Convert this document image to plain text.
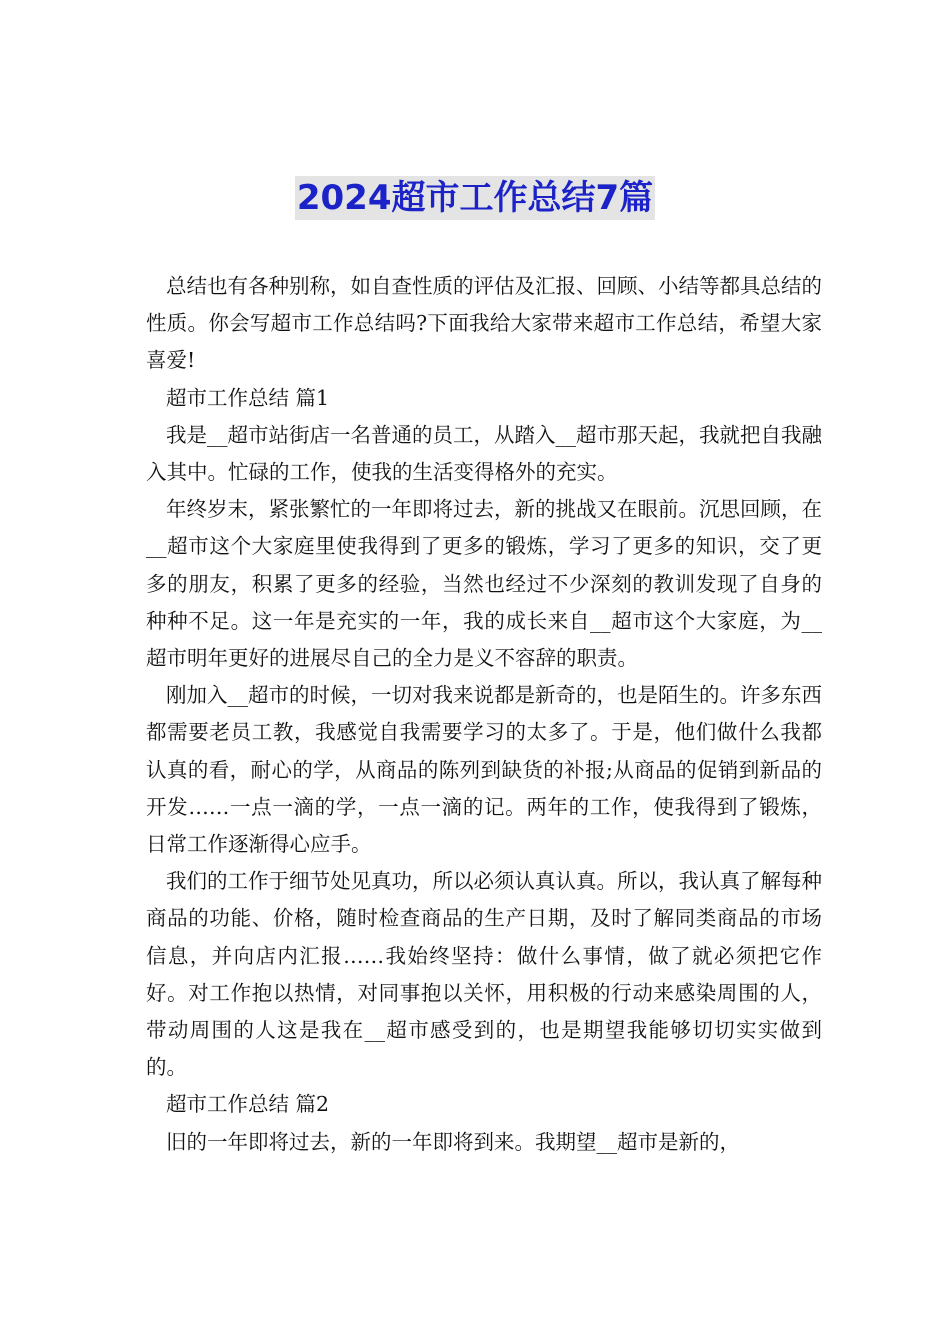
2024超市工作总结7篇

总结也有各种别称，如自查性质的评估及汇报、回顾、小结等都具总结的性质。你会写超市工作总结吗?下面我给大家带来超市工作总结，希望大家喜爱!

超市工作总结 篇1

我是__超市站街店一名普通的员工，从踏入__超市那天起，我就把自我融入其中。忙碌的工作，使我的生活变得格外的充实。

年终岁末，紧张繁忙的一年即将过去，新的挑战又在眼前。沉思回顾，在__超市这个大家庭里使我得到了更多的锻炼，学习了更多的知识，交了更多的朋友，积累了更多的经验，当然也经过不少深刻的教训发现了自身的种种不足。这一年是充实的一年，我的成长来自__超市这个大家庭，为__超市明年更好的进展尽自己的全力是义不容辞的职责。

刚加入__超市的时候，一切对我来说都是新奇的，也是陌生的。许多东西都需要老员工教，我感觉自我需要学习的太多了。于是，他们做什么我都认真的看，耐心的学，从商品的陈列到缺货的补报;从商品的促销到新品的开发……一点一滴的学，一点一滴的记。两年的工作，使我得到了锻炼，日常工作逐渐得心应手。

我们的工作于细节处见真功，所以必须认真认真。所以，我认真了解每种商品的功能、价格，随时检查商品的生产日期，及时了解同类商品的市场信息，并向店内汇报……我始终坚持：做什么事情，做了就必须把它作好。对工作抱以热情，对同事抱以关怀，用积极的行动来感染周围的人，带动周围的人这是我在__超市感受到的，也是期望我能够切切实实做到的。

超市工作总结 篇2

旧的一年即将过去，新的一年即将到来。我期望__超市是新的，
